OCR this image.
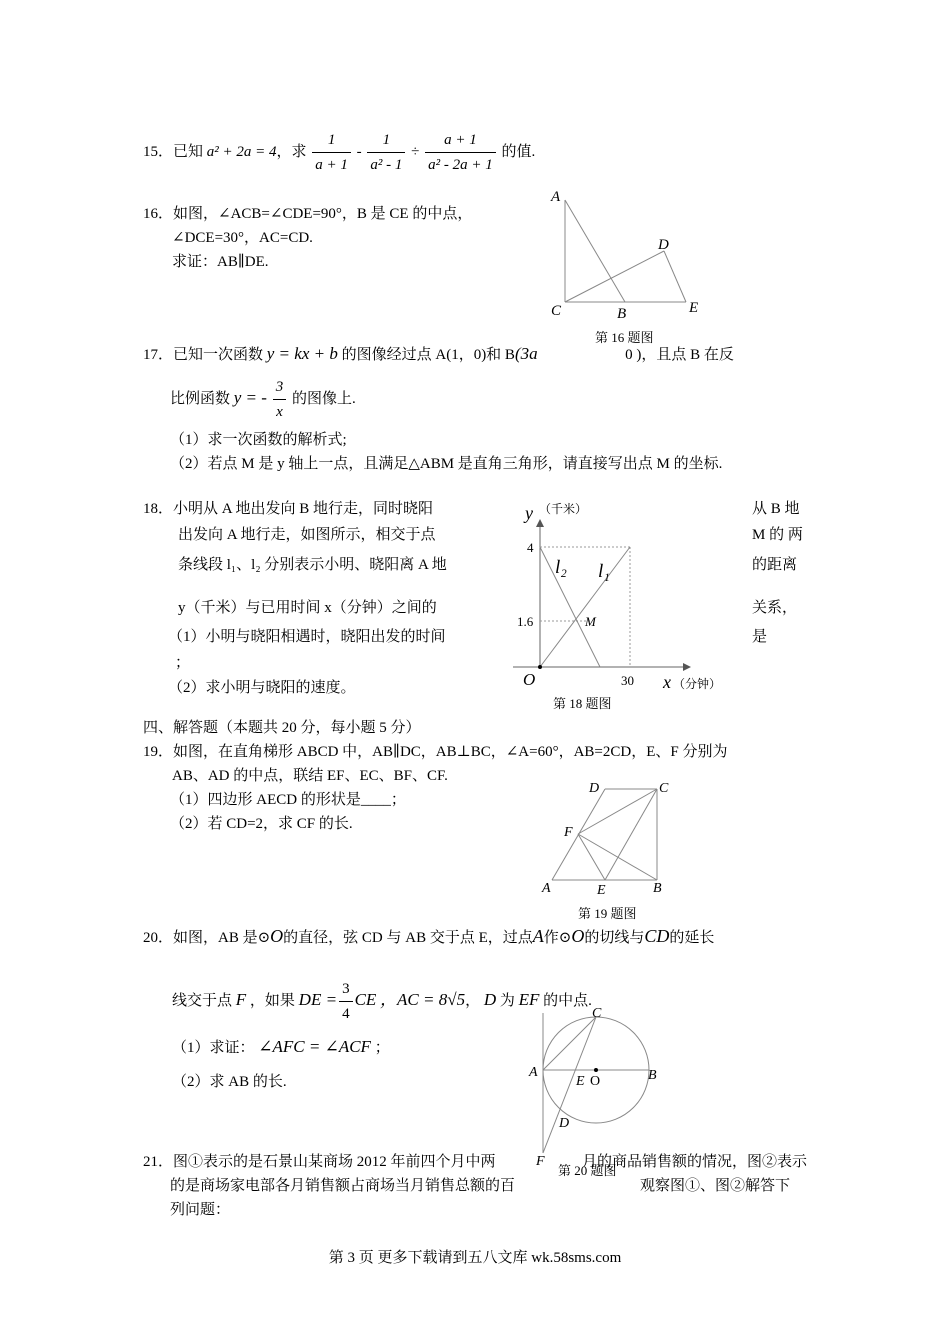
15．已知 a² + 2a = 4，求 $\frac{1}{a + 1} - \frac{1}{\text{a² - 1}} \div \frac{a + 1}{\text{a² - 2a + 1}}$ 的值.
16．如图，∠ACB=∠CDE=90°，B 是 CE 的中点，
∠DCE=30°，AC=CD.
求证：AB∥DE.
A
C	B
D
E
第 16 题图
17．已知一次函数 y = kx + b 的图像经过点 A(1，0)和 B(3a	0 )，且点 B 在反
比例函数 y = - $\frac{3}{x}$ 的图像上.
（1）求一次函数的解析式;
（2）若点 M 是 y 轴上一点，且满足△ABM 是直角三角形，请直接写出点 M 的坐标.
18．小明从 A 地出发向 B 地行走，同时晓阳	从 B 地
出发向 A 地行走，如图所示，相交于点	M 的 两
条线段 l₁、l₂ 分别表示小明、晓阳离 A 地	的距离
y（千米）与已用时间 x（分钟）之间的	关系，
（1）小明与晓阳相遇时，晓阳出发的时间	是
；
（2）求小明与晓阳的速度。
y （千米）
4
1.6
O	30 x （分钟）
l₂ l₁
M
第 18 题图
四、解答题（本题共 20 分，每小题 5 分）
19．如图，在直角梯形 ABCD 中，AB∥DC，AB⊥BC，∠A=60°，AB=2CD，E、F 分别为
AB、AD 的中点，联结 EF、EC、BF、CF.
（1）四边形 AECD 的形状是____；
（2）若 CD=2，求 CF 的长.
D	C
F
A	E	B
第 19 题图
20．如图，AB 是⊙O的直径，弦 CD 与 AB 交于点 E，过点A作⊙O的切线与CD的延长
线交于点 F ，如果 DE = $\frac{3}{4}$ CE ，AC = 8√5， D 为 EF 的中点.
（1）求证： ∠AFC = ∠ACF ；
（2）求 AB 的长.
C
A
E O	B
D
F
第 20 题图
21．图①表示的是石景山某商场 2012 年前四个月中两	月的商品销售额的情况，图②表示
的是商场家电部各月销售额占商场当月销售总额的百	观察图①、图②解答下
列问题：
第 3 页 更多下载请到五八文库 wk.58sms.com
